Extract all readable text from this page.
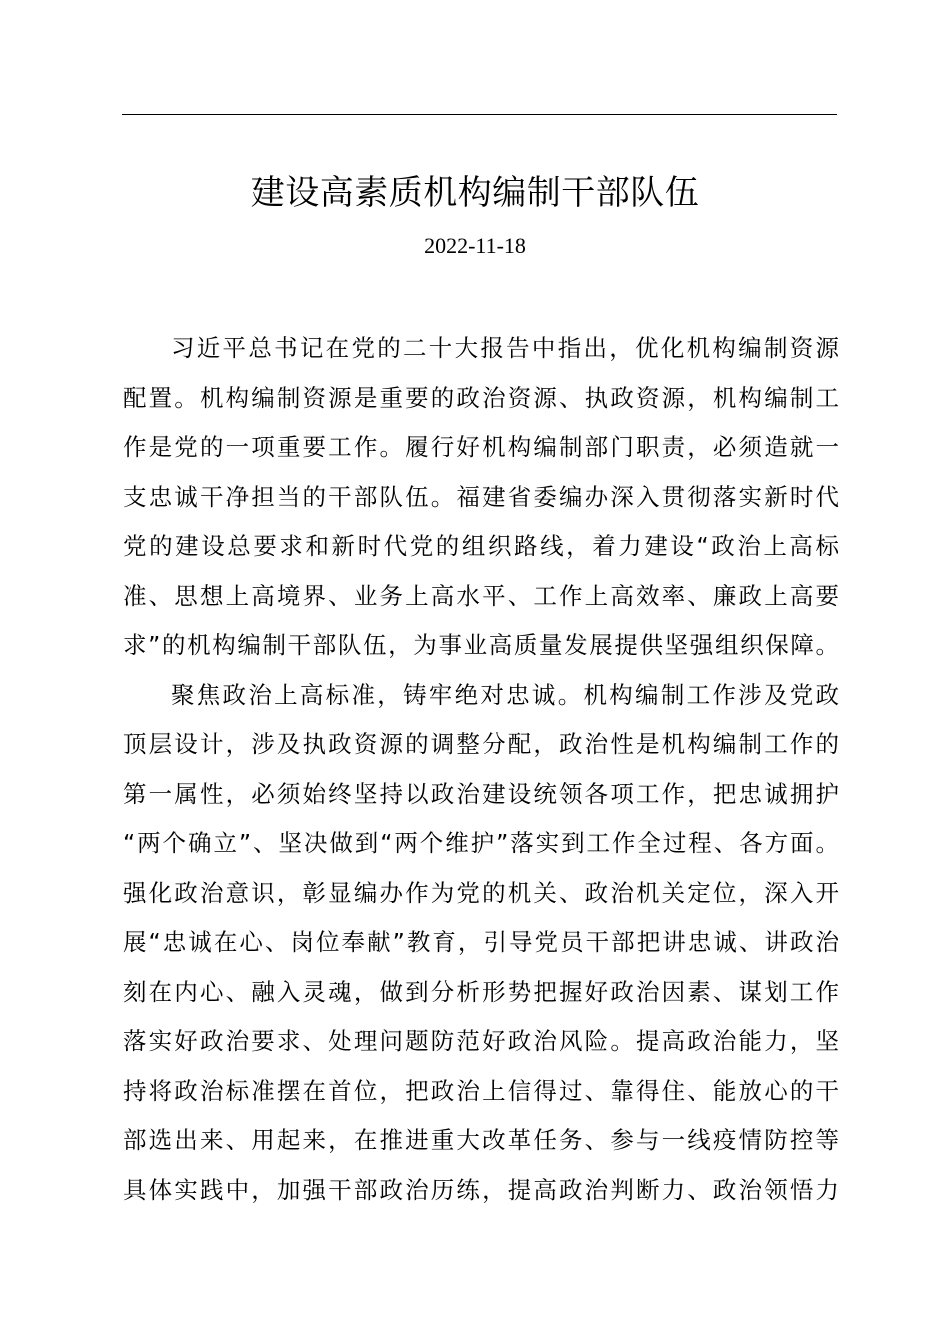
建设高素质机构编制干部队伍
2022-11-18
习近平总书记在党的二十大报告中指出，优化机构编制资源
配置。机构编制资源是重要的政治资源、执政资源，机构编制工
作是党的一项重要工作。履行好机构编制部门职责，必须造就一
支忠诚干净担当的干部队伍。福建省委编办深入贯彻落实新时代
党的建设总要求和新时代党的组织路线，着力建设“政治上高标
准、思想上高境界、业务上高水平、工作上高效率、廉政上高要
求”的机构编制干部队伍，为事业高质量发展提供坚强组织保障。
聚焦政治上高标准，铸牢绝对忠诚。机构编制工作涉及党政
顶层设计，涉及执政资源的调整分配，政治性是机构编制工作的
第一属性，必须始终坚持以政治建设统领各项工作，把忠诚拥护
“两个确立”、坚决做到“两个维护”落实到工作全过程、各方面。
强化政治意识，彰显编办作为党的机关、政治机关定位，深入开
展“忠诚在心、岗位奉献”教育，引导党员干部把讲忠诚、讲政治
刻在内心、融入灵魂，做到分析形势把握好政治因素、谋划工作
落实好政治要求、处理问题防范好政治风险。提高政治能力，坚
持将政治标准摆在首位，把政治上信得过、靠得住、能放心的干
部选出来、用起来，在推进重大改革任务、参与一线疫情防控等
具体实践中，加强干部政治历练，提高政治判断力、政治领悟力
